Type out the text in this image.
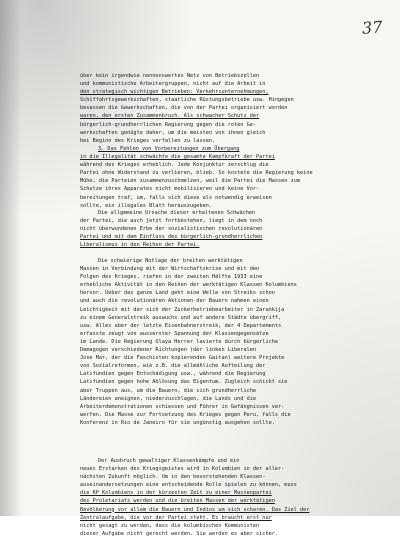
37
über kein irgendwie nennenswertes Netz von Betriebszellen
und kommunistische Arbeitergruppen, nicht auf die Arbeit in
den strategisch wichtigen Betrieben: Verkehrsunternehmungen,
Schiffahrtsgewerkschaften, staatliche Rüstungsbetriebe usw. Hingegen
besassen die Gewerkschaften, die von der Partei organisiert worden
waren, den ersten Zusammenbruch. Als schwacher Schutz der
bürgerlich-grundherrlichen Regierung gegen die roten Ge-
werkschaften genügte daher, um die meisten von ihnen gleich
bei Beginn des Krieges verfallen zu lassen.
3. Das Fehlen von Vorbereitungen zum Übergang
in die Illegalität schwächte die gesamte Kampfkraft der Partei
während des Krieges erheblich. Jede Konjunktur zerschlug die
Partei ohne Widerstand zu verlieren, blieb. So kostete die Regierung keine
Mühe, die Parteien zusammenzuschmelzen, weil die Partei die Massen zum
Schutze ihres Apparates nicht mobilisieren und keine Vor-
bereitungen traf, um, falls sich diese als notwendig erweisen
sollte, ein illegales Blatt herauszugeben.
Die allgemeine Ursache dieser erhaltenen Schwächen
der Partei, die auch jetzt fortbestehen, liegt in dem noch
nicht überwundenen Erbe der sozialistischen revolutionären
Partei und mit dem Einfluss des bürgerlich-grundherrlichen
Liberalismus in den Reihen der Partei.
Die schwierige Notlage der breiten werktätigen
Massen in Verbindung mit der Wirtschaftskrise und mit den
Folgen des Krieges, riefen in der zweiten Hälfte 1933 eine
erhebliche Aktivität in den Reihen der werktätigen Klassen Kolumbiens
hervor. Ueber das ganze Land geht eine Welle von Streiks schon
und auch die revolutionären Aktionen der Bauern nahmen einen
Leichtigkeit mit der sich der Zuckerbetriebearbeiter in Zarankija
zu einem Generalstreik auswuchs und auf andere Städte übergriff,
usw. Alles aber der letzte Eisenbahnerstreik, der 4 Departements
erfasste zeugt von ausserster Spannung der Klassengegensätze
im Lande. Die Regierung Olaya Herrer lavierte durch bürgerliche
Demagogen verschiedener Richtungen (der linken Liberalen
Jose Mar, der die Faschisten kopierenden Gaitan) weitere Projekte
von Sozialreformen, wie z.B. die allmähliche Aufteilung der
Latifundien gegen Entschädigung usw., während die Regierung
Latifundien gegen hohe Ablösung das Eigentum. Zugleich schickt sie
aber Truppen aus, um die Bauern, die sich grundherrliche
Ländereien aneignen, niederzuschlagen, die Lands und die
Arbeiterdemonstrationen schiessen und Führer in Gefängnissen ver-
werfen. Die Masse zur Fortsetzung des Krieges gegen Peru, falls die
Konferenz in Rio de Janeiro für sie ungünstig ausgehen sollte.
Der Ausbruch gewaltiger Klassenkämpfe und ein
neues Erstarken des Kriegsgeistes wird in Kolumbien in der aller-
nächsten Zukunft möglich. Um in den bevorstehenden Klassen-
auseinandersetzungen eine entscheidende Rolle spielen zu können, muss
die KP Kolumbiens in der kürzesten Zeit zu einer Massenpartei
des Proletariats werden und die breiten Massen der werktätigen
Bevölkerung vor allem die Bauern und Indios um sich scharen. Das Ziel der
Zentralaufgabe, die vor der Partei steht. Es braucht erst nur
nicht gesagt zu werden, dass die kolumbischen Kommunisten
dieser Aufgabe nicht gerecht werden. Sie werden es aber sicher.
